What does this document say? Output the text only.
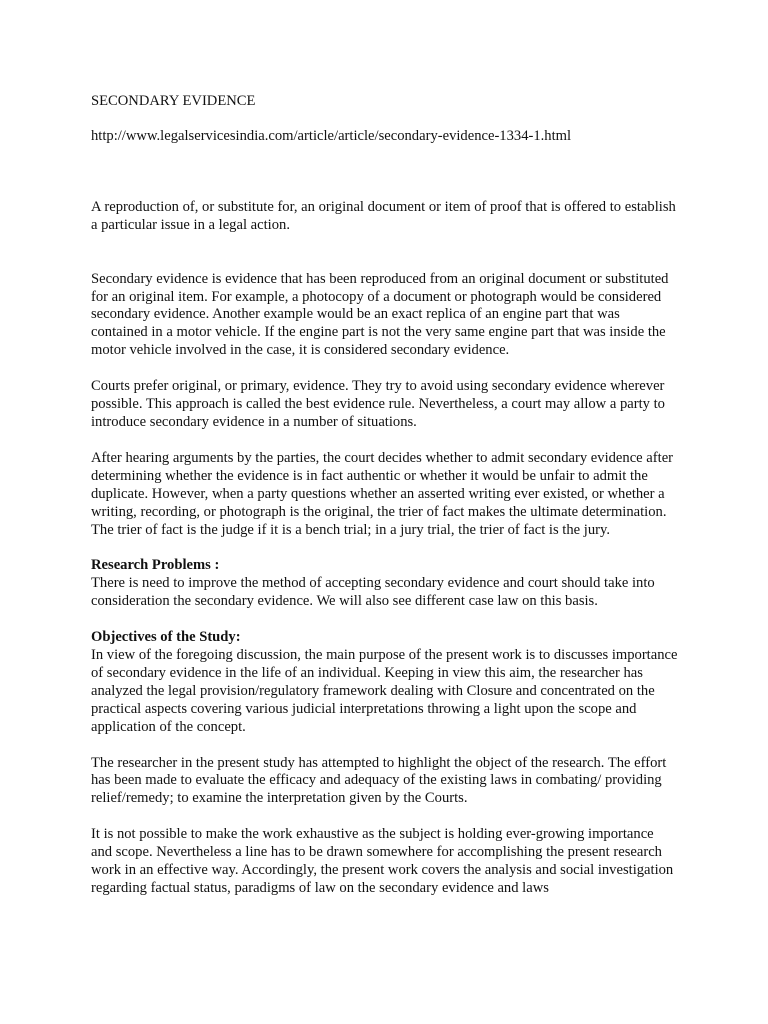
SECONDARY EVIDENCE

http://www.legalservicesindia.com/article/article/secondary-evidence-1334-1.html

A reproduction of, or substitute for, an original document or item of proof that is offered to establish a particular issue in a legal action.

Secondary evidence is evidence that has been reproduced from an original document or substituted for an original item. For example, a photocopy of a document or photograph would be considered secondary evidence. Another example would be an exact replica of an engine part that was contained in a motor vehicle. If the engine part is not the very same engine part that was inside the motor vehicle involved in the case, it is considered secondary evidence.

Courts prefer original, or primary, evidence. They try to avoid using secondary evidence wherever possible. This approach is called the best evidence rule. Nevertheless, a court may allow a party to introduce secondary evidence in a number of situations.

After hearing arguments by the parties, the court decides whether to admit secondary evidence after determining whether the evidence is in fact authentic or whether it would be unfair to admit the duplicate. However, when a party questions whether an asserted writing ever existed, or whether a writing, recording, or photograph is the original, the trier of fact makes the ultimate determination. The trier of fact is the judge if it is a bench trial; in a jury trial, the trier of fact is the jury.

Research Problems :

There is need to improve the method of accepting secondary evidence and court should take into consideration the secondary evidence. We will also see different case law on this basis.

Objectives of the Study:

In view of the foregoing discussion, the main purpose of the present work is to discusses importance of secondary evidence in the life of an individual. Keeping in view this aim, the researcher has analyzed the legal provision/regulatory framework dealing with Closure and concentrated on the practical aspects covering various judicial interpretations throwing a light upon the scope and application of the concept.

The researcher in the present study has attempted to highlight the object of the research. The effort has been made to evaluate the efficacy and adequacy of the existing laws in combating/ providing relief/remedy; to examine the interpretation given by the Courts.

It is not possible to make the work exhaustive as the subject is holding ever-growing importance and scope. Nevertheless a line has to be drawn somewhere for accomplishing the present research work in an effective way. Accordingly, the present work covers the analysis and social investigation regarding factual status, paradigms of law on the secondary evidence and laws
